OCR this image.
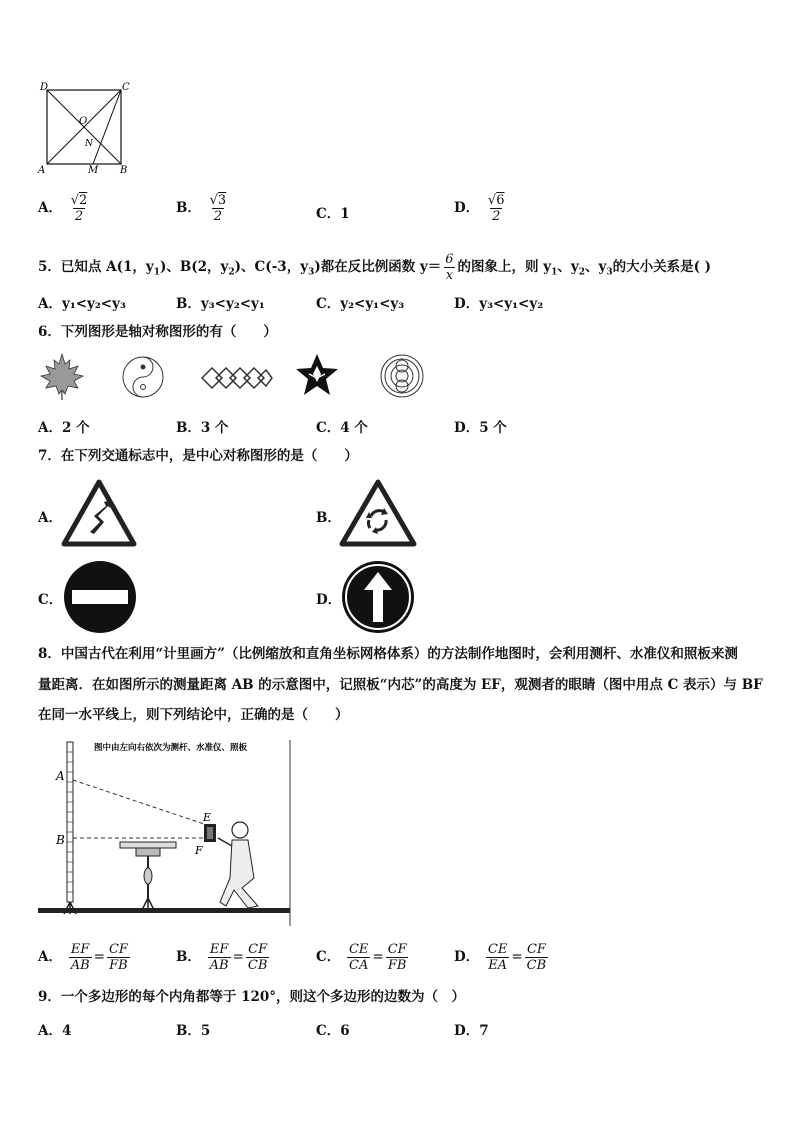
D	C
O
N
A	M B
A． $\frac{√2}{2}$	B． $\frac{√3}{2}$	C．1	D． $\frac{√6}{2}$
5．已知点 A(1，$y_1$)、B(2，$y_2$)、C(-3，$y_3$)都在反比例函数 $y= \frac{6}{x}$ 的图象上，则 $y_1$、$y_2$、$y_3$的大小关系是( )
A．y₁<y₂<y₃	B．y₃<y₂<y₁	C．y₂<y₁<y₃	D．y₃<y₁<y₂
6．下列图形是轴对称图形的有（　　）
A．2 个	B．3 个	C．4 个	D．5 个
7．在下列交通标志中，是中心对称图形的是（　　）
A．	B．
C．	D．
8．中国古代在利用“计里画方”（比例缩放和直角坐标网格体系）的方法制作地图时，会利用测杆、水准仪和照板来测
量距离．在如图所示的测量距离 AB 的示意图中，记照板“内芯”的高度为 EF，观测者的眼睛（图中用点 C 表示）与 BF
在同一水平线上，则下列结论中，正确的是（　　）
图中由左向右依次为测杆、水准仪、照板
A
B
E
F
A． $\frac{EF}{AB} = \frac{CF}{FB}$	B． $\frac{EF}{AB} = \frac{CF}{CB}$	C． $\frac{CE}{CA} = \frac{CF}{FB}$	D． $\frac{CE}{EA} = \frac{CF}{CB}$
9．一个多边形的每个内角都等于 120°，则这个多边形的边数为（　）
A．4	B．5	C．6	D．7
